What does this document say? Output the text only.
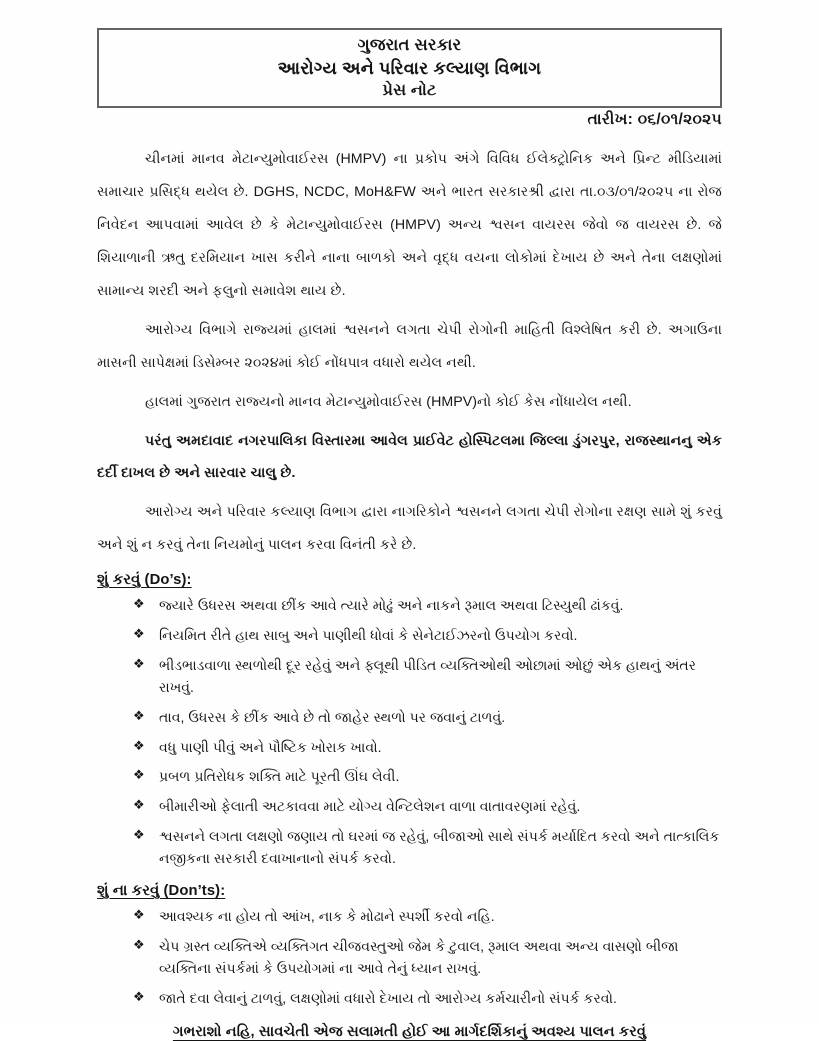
ગુજરાત સરકાર
આરોગ્ય અને પરિવાર કલ્યાણ વિભાગ
પ્રેસ નોટ
તારીખ: ૦૬/૦૧/૨૦૨૫

ચીનમાં માનવ મેટાન્યુમોવાઈરસ (HMPV) ના પ્રકોપ અંગે વિવિધ ઈલેક્ટ્રોનિક અને પ્રિન્ટ મીડિયામાં સમાચાર પ્રસિદ્ધ થયેલ છે. DGHS, NCDC, MoH&FW અને ભારત સરકારશ્રી દ્વારા તા.૦૩/૦૧/૨૦૨૫ ના રોજ નિવેદન આપવામાં આવેલ છે કે મેટાન્યુમોવાઈરસ (HMPV) અન્ય શ્વસન વાયરસ જેવો જ વાયરસ છે. જે શિયાળાની ઋતુ દરમિયાન ખાસ કરીને નાના બાળકો અને વૃદ્ધ વયના લોકોમાં દેખાય છે અને તેના લક્ષણોમાં સામાન્ય શરદી અને ફલુનો સમાવેશ થાય છે.

આરોગ્ય વિભાગે રાજ્યમાં હાલમાં શ્વસનને લગતા ચેપી રોગોની માહિતી વિશ્લેષિત કરી છે. અગાઉના માસની સાપેક્ષમાં ડિસેમ્બર ૨૦૨૪માં કોઈ નોંધપાત્ર વધારો થયેલ નથી.

હાલમાં ગુજરાત રાજ્યનો માનવ મેટાન્યુમોવાઈરસ (HMPV)નો કોઈ કેસ નોંધાયેલ નથી.

પરંતુ અમદાવાદ નગરપાલિકા વિસ્તારમા આવેલ પ્રાઈવેટ હોસ્પિટલમા જિલ્લા ડુંગરપુર, રાજસ્થાનનુ એક દર્દી દાખલ છે અને સારવાર ચાલુ છે.

આરોગ્ય અને પરિવાર કલ્યાણ વિભાગ દ્વારા નાગરિકોને શ્વસનને લગતા ચેપી રોગોના રક્ષણ સામે શું કરવું અને શું ન કરવું તેના નિયમોનું પાલન કરવા વિનંતી કરે છે.

શું કરવું (Do’s):
❖ જ્યારે ઉધરસ અથવા છીંક આવે ત્યારે મોઢું અને નાકને રૂમાલ અથવા ટિસ્યુથી ઢાંકવું.
❖ નિયમિત રીતે હાથ સાબુ અને પાણીથી ધોવાં કે સેનેટાઈઝરનો ઉપયોગ કરવો.
❖ ભીડભાડવાળા સ્થળોથી દૂર રહેવું અને ફ્લૂથી પીડિત વ્યક્તિઓથી ઓછામાં ઓછું એક હાથનું અંતર રાખવું.
❖ તાવ, ઉધરસ કે છીંક આવે છે તો જાહેર સ્થળો પર જવાનું ટાળવું.
❖ વધુ પાણી પીવું અને પૌષ્ટિક ખોરાક ખાવો.
❖ પ્રબળ પ્રતિરોધક શક્તિ માટે પૂરતી ઊંઘ લેવી.
❖ બીમારીઓ ફેલાતી અટકાવવા માટે યોગ્ય વેન્ટિલેશન વાળા વાતાવરણમાં રહેવું.
❖ શ્વસનને લગતા લક્ષણો જણાય તો ઘરમાં જ રહેવું, બીજાઓ સાથે સંપર્ક મર્યાદિત કરવો અને તાત્કાલિક નજીકના સરકારી દવાખાનાનો સંપર્ક કરવો.
શું ના કરવું (Don’ts):
❖ આવશ્યક ના હોય તો આંખ, નાક કે મોઢાને સ્પર્શી કરવો નહિ.
❖ ચેપ ગ્રસ્ત વ્યક્તિએ વ્યક્તિગત ચીજવસ્તુઓ જેમ કે ટુવાલ, રૂમાલ અથવા અન્ય વાસણો બીજા વ્યક્તિના સંપર્કમાં કે ઉપયોગમાં ના આવે તેનું ધ્યાન રાખવું.
❖ જાતે દવા લેવાનું ટાળવું, લક્ષણોમાં વધારો દેખાય તો આરોગ્ય કર્મચારીનો સંપર્ક કરવો.
ગભરાશો નહિ, સાવચેતી એજ સલામતી હોઈ આ માર્ગદર્શિકાનું અવશ્ય પાલન કરવું
